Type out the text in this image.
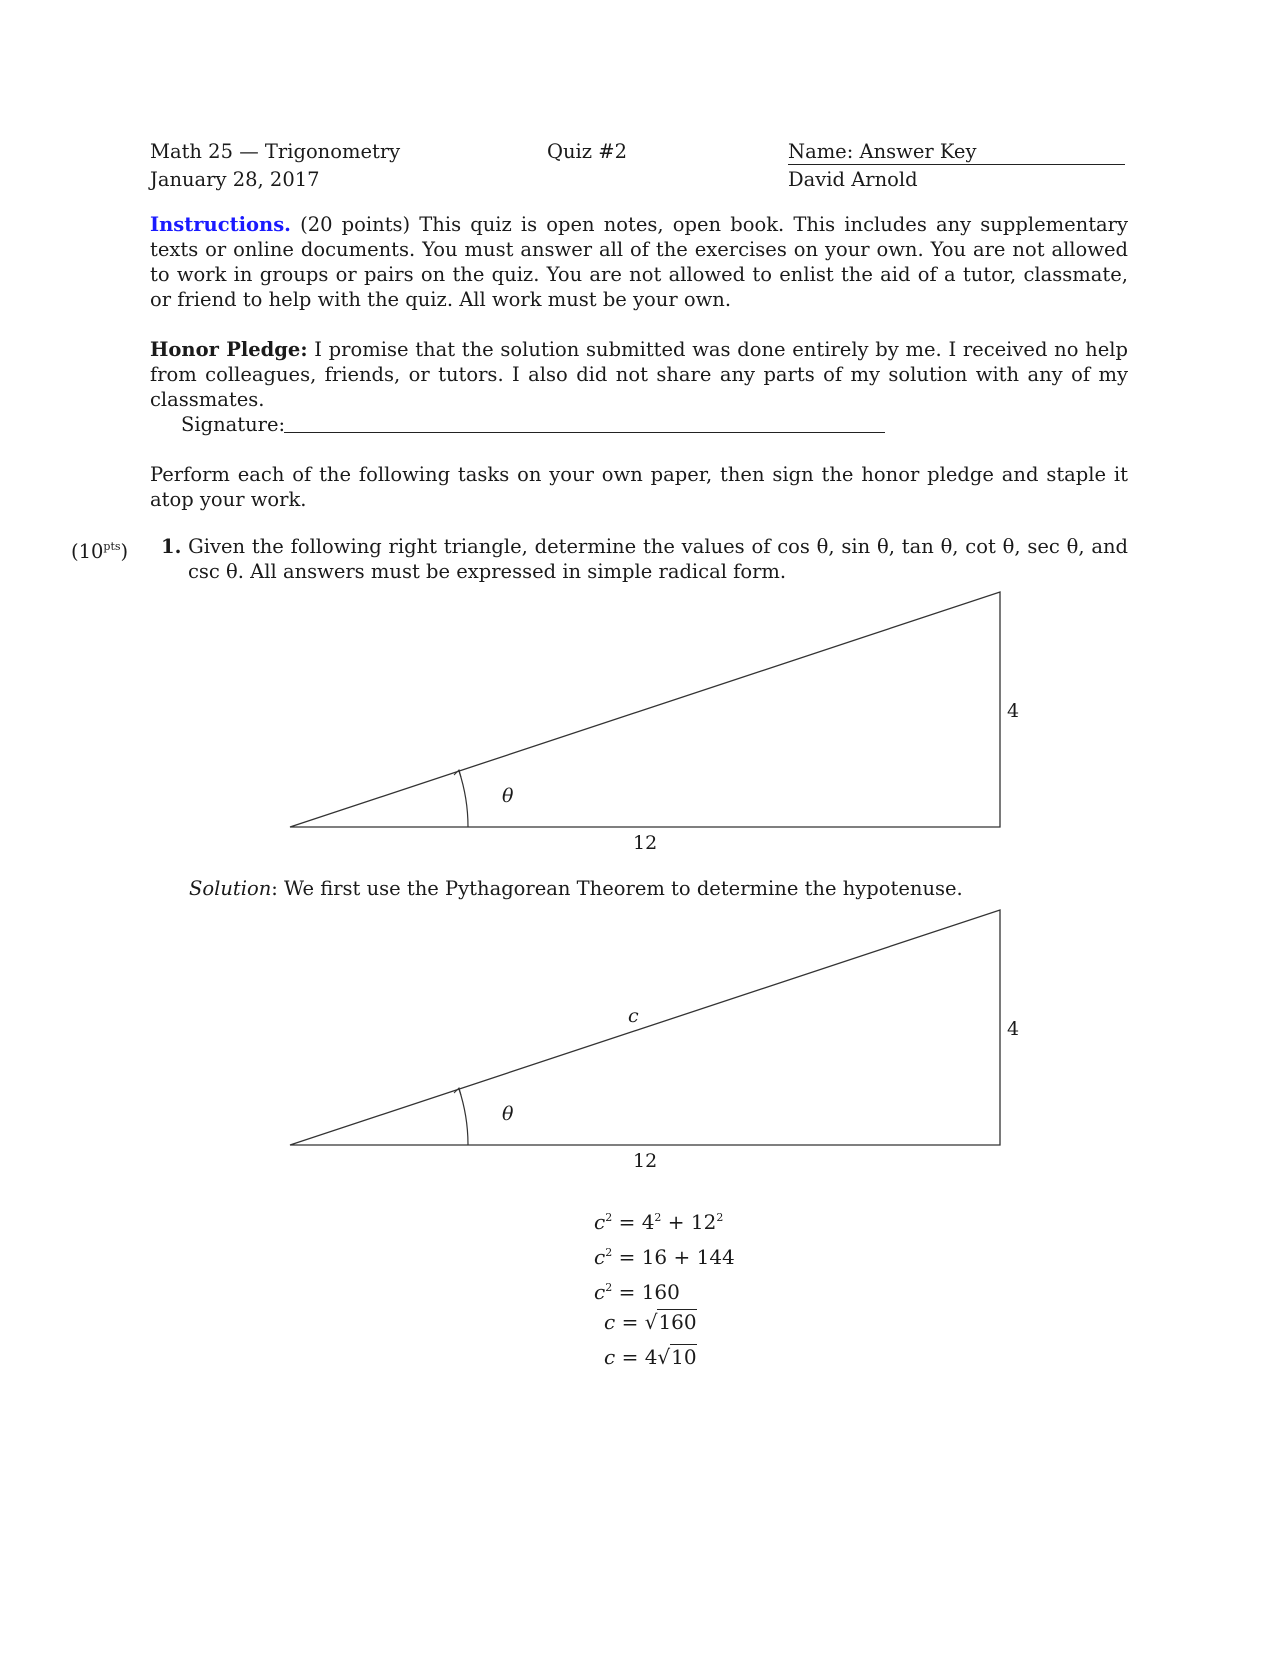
Math 25 — Trigonometry
January 28, 2017
Quiz #2	Name: Answer Key
David Arnold
Instructions. (20 points) This quiz is open notes, open book. This includes any supplementary texts or online documents. You must answer all of the exercises on your own. You are not allowed to work in groups or pairs on the quiz. You are not allowed to enlist the aid of a tutor, classmate, or friend to help with the quiz. All work must be your own.
Honor Pledge: I promise that the solution submitted was done entirely by me. I received no help from colleagues, friends, or tutors. I also did not share any parts of my solution with any of my classmates.
Signature:
Perform each of the following tasks on your own paper, then sign the honor pledge and staple it atop your work.
$(10^{pts})$ 1. Given the following right triangle, determine the values of cos θ, sin θ, tan θ, cot θ, sec θ, and csc θ. All answers must be expressed in simple radical form.
θ
12
4
Solution: We first use the Pythagorean Theorem to determine the hypotenuse.
θ
12
4
c
$c^2 = 4^2 + 12^2$
$c^2 = 16 + 144$
$c^2 = 160$
c = √160
c = 4√10
